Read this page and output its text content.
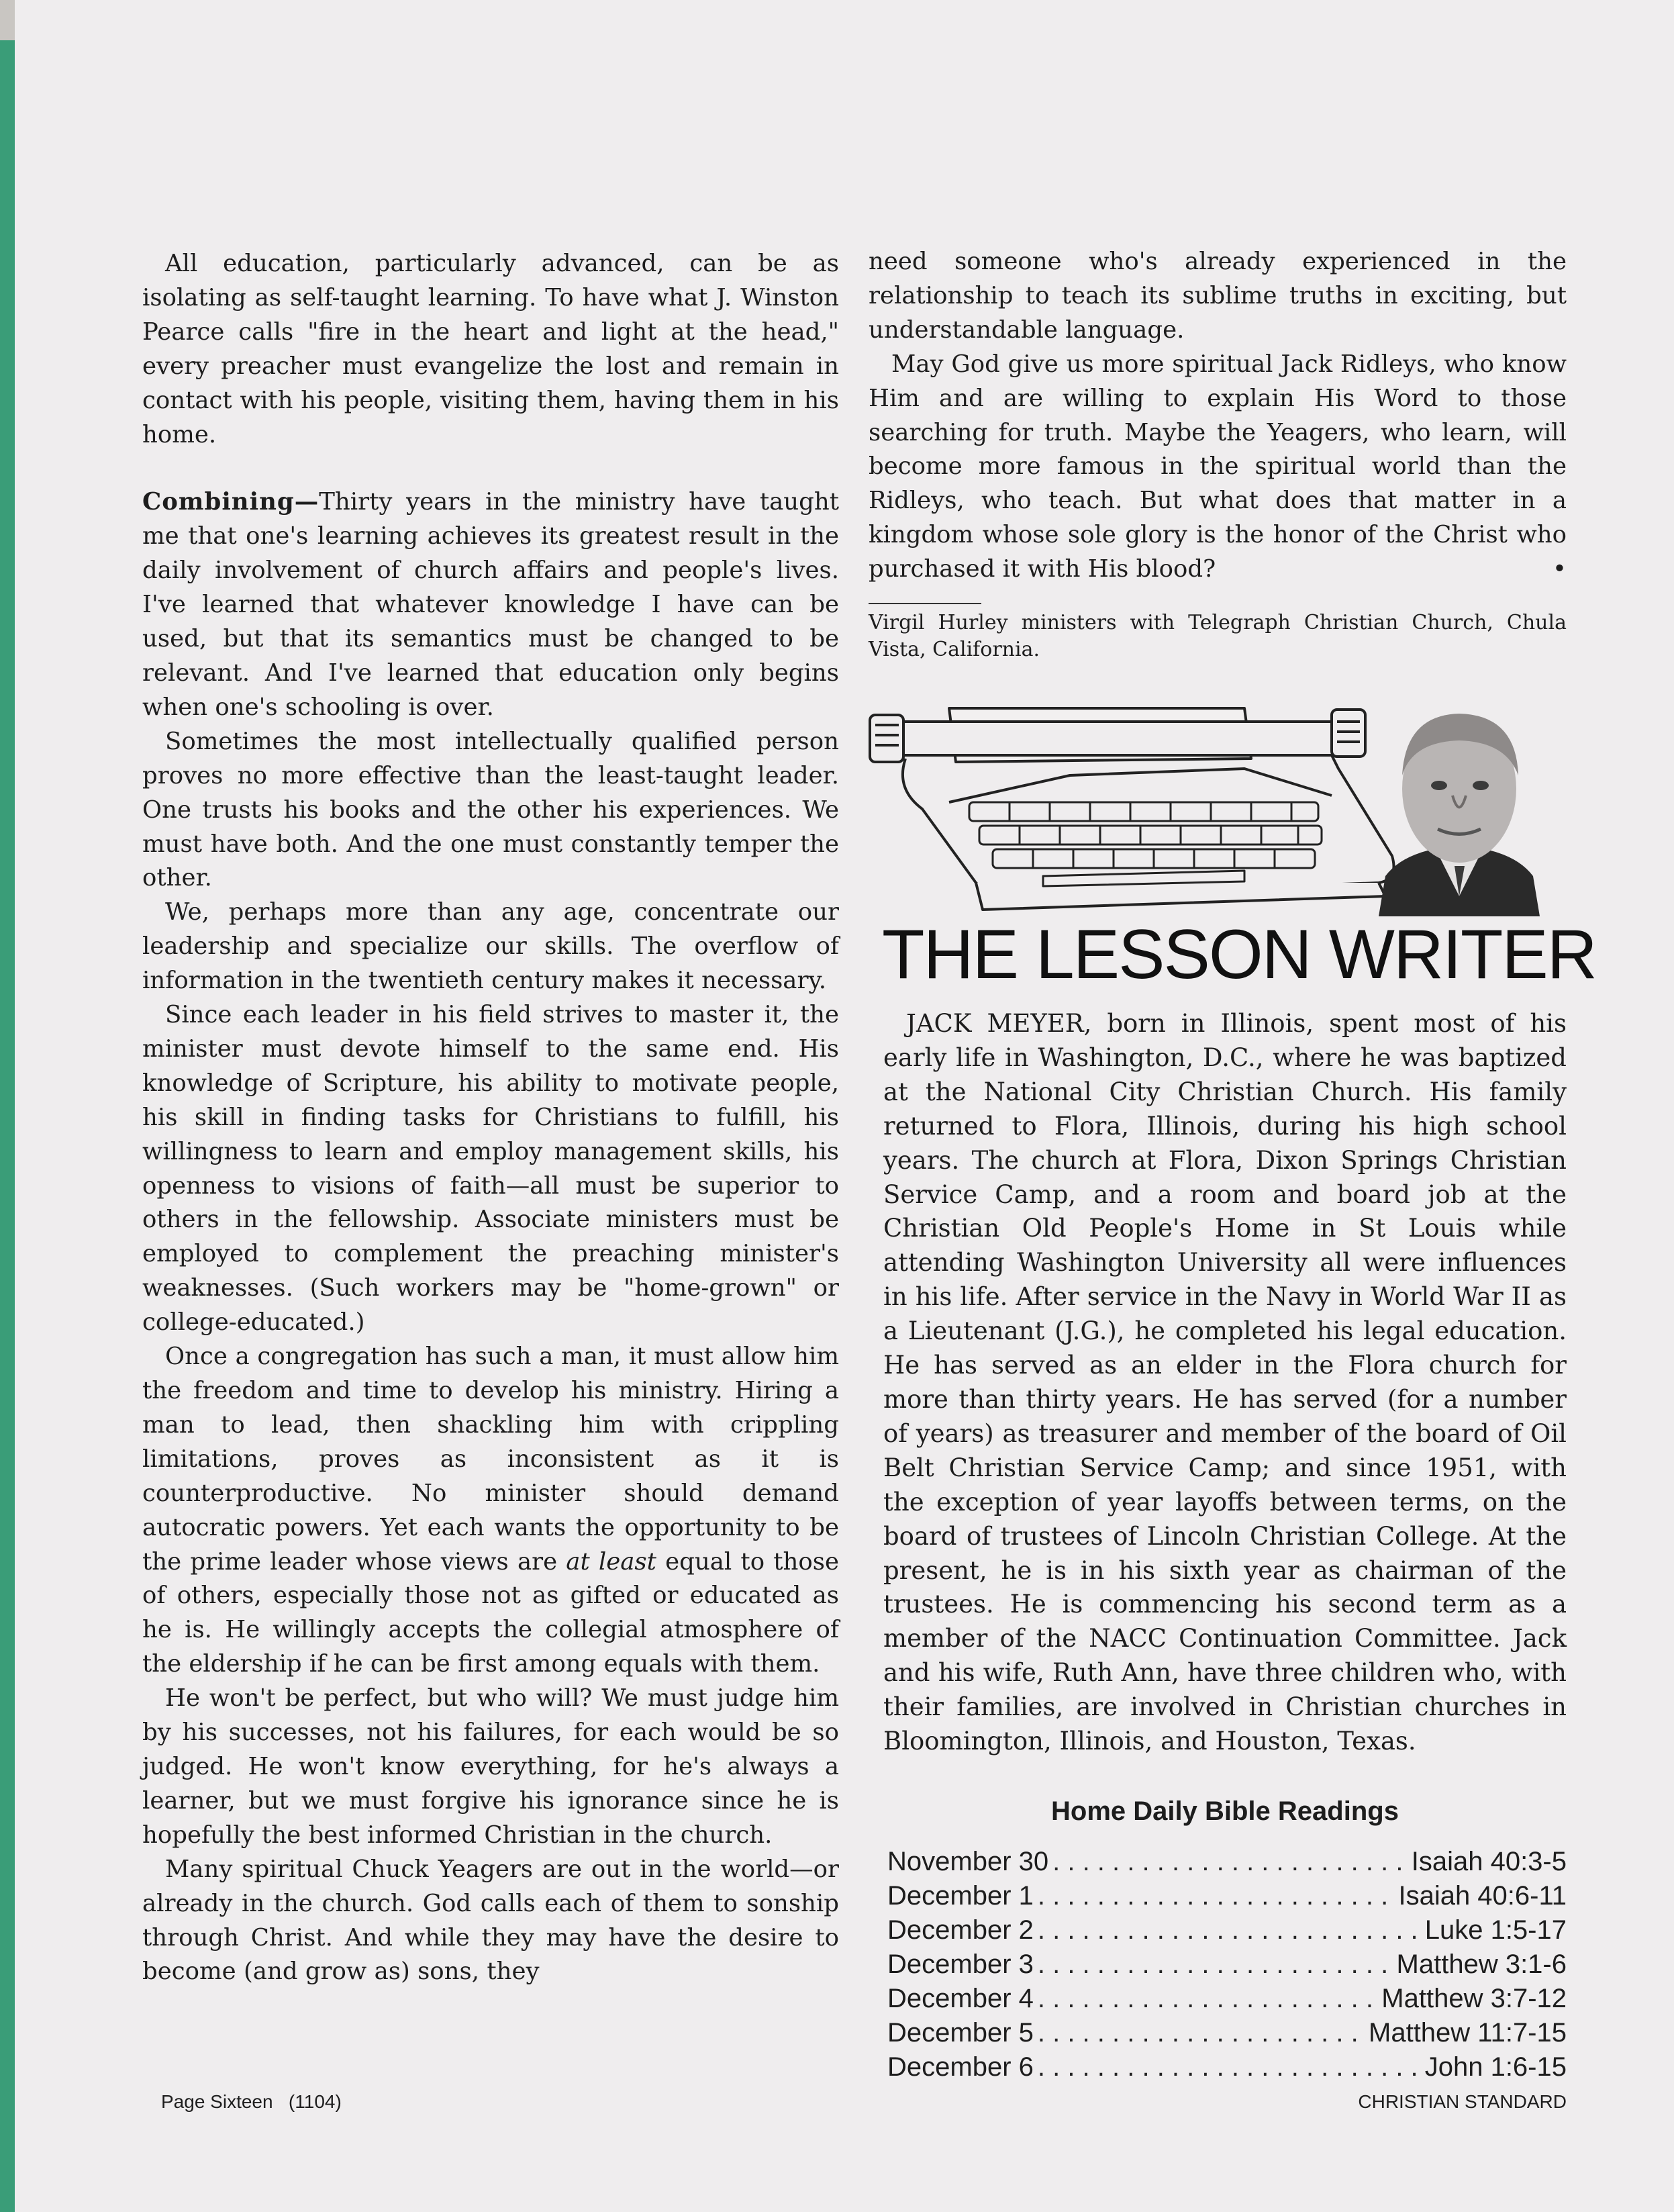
All education, particularly advanced, can be as isolating as self-taught learning. To have what J. Winston Pearce calls "fire in the heart and light at the head," every preacher must evangelize the lost and remain in contact with his people, visiting them, having them in his home.

Combining—Thirty years in the ministry have taught me that one's learning achieves its greatest result in the daily involvement of church affairs and people's lives. I've learned that whatever knowledge I have can be used, but that its semantics must be changed to be relevant. And I've learned that education only begins when one's schooling is over.

Sometimes the most intellectually qualified person proves no more effective than the least-taught leader. One trusts his books and the other his experiences. We must have both. And the one must constantly temper the other.

We, perhaps more than any age, concentrate our leadership and specialize our skills. The overflow of information in the twentieth century makes it necessary.

Since each leader in his field strives to master it, the minister must devote himself to the same end. His knowledge of Scripture, his ability to motivate people, his skill in finding tasks for Christians to fulfill, his willingness to learn and employ management skills, his openness to visions of faith—all must be superior to others in the fellowship. Associate ministers must be employed to complement the preaching minister's weaknesses. (Such workers may be "home-grown" or college-educated.)

Once a congregation has such a man, it must allow him the freedom and time to develop his ministry. Hiring a man to lead, then shackling him with crippling limitations, proves as inconsistent as it is counterproductive. No minister should demand autocratic powers. Yet each wants the opportunity to be the prime leader whose views are at least equal to those of others, especially those not as gifted or educated as he is. He willingly accepts the collegial atmosphere of the eldership if he can be first among equals with them.

He won't be perfect, but who will? We must judge him by his successes, not his failures, for each would be so judged. He won't know everything, for he's always a learner, but we must forgive his ignorance since he is hopefully the best informed Christian in the church.

Many spiritual Chuck Yeagers are out in the world—or already in the church. God calls each of them to sonship through Christ. And while they may have the desire to become (and grow as) sons, they

need someone who's already experienced in the relationship to teach its sublime truths in exciting, but understandable language.

May God give us more spiritual Jack Ridleys, who know Him and are willing to explain His Word to those searching for truth. Maybe the Yeagers, who learn, will become more famous in the spiritual world than the Ridleys, who teach. But what does that matter in a kingdom whose sole glory is the honor of the Christ who purchased it with His blood?	•

Virgil Hurley ministers with Telegraph Christian Church, Chula Vista, California.
THE LESSON WRITER

JACK MEYER, born in Illinois, spent most of his early life in Washington, D.C., where he was baptized at the National City Christian Church. His family returned to Flora, Illinois, during his high school years. The church at Flora, Dixon Springs Christian Service Camp, and a room and board job at the Christian Old People's Home in St Louis while attending Washington University all were influences in his life. After service in the Navy in World War II as a Lieutenant (J.G.), he completed his legal education. He has served as an elder in the Flora church for more than thirty years. He has served (for a number of years) as treasurer and member of the board of Oil Belt Christian Service Camp; and since 1951, with the exception of year layoffs between terms, on the board of trustees of Lincoln Christian College. At the present, he is in his sixth year as chairman of the trustees. He is commencing his second term as a member of the NACC Continuation Committee. Jack and his wife, Ruth Ann, have three children who, with their families, are involved in Christian churches in Bloomington, Illinois, and Houston, Texas.

Home Daily Bible Readings
November 30 . . .	Isaiah 40:3-5
December 1 . . .	Isaiah 40:6-11
December 2 . . .	Luke 1:5-17
December 3 . . .	Matthew 3:1-6
December 4 . . .	Matthew 3:7-12
December 5 . . .	Matthew 11:7-15
December 6 . . .	John 1:6-15
Page Sixteen (1104)	CHRISTIAN STANDARD
